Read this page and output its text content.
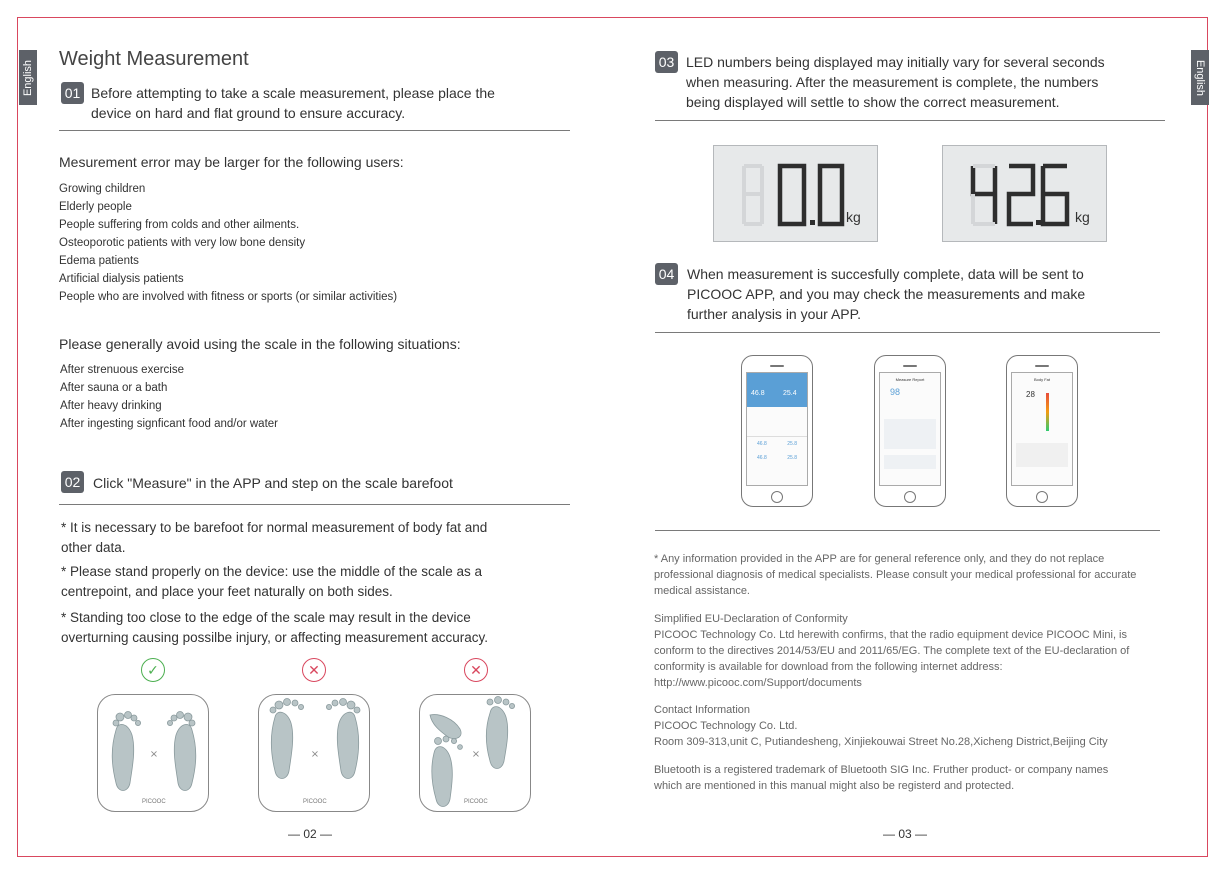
English	English
Weight Measurement
01 Before attempting to take a scale measurement, please place the
device on hard and flat ground to ensure accuracy.
Mesurement error may be larger for the following users:
Growing children
Elderly people
People suffering from colds and other ailments.
Osteoporotic patients with very low bone density
Edema patients
Artificial dialysis patients
People who are involved with fitness or sports (or similar activities)
Please generally avoid using the scale in the following situations:
After strenuous exercise
After sauna or a bath
After heavy drinking
After ingesting signficant food and/or water
02 Click "Measure" in the APP and step on the scale barefoot
* It is necessary to be barefoot for normal measurement of body fat and
other data.
* Please stand properly on the device: use the middle of the scale as a
centrepoint, and place your feet naturally on both sides.
* Standing too close to the edge of the scale may result in the device
overturning causing possilbe injury, or affecting measurement accuracy.
✓	✕	✕
×
PICOOC
×
PICOOC
×
PICOOC
— 02 —
03 LED numbers being displayed may initially vary for several seconds
when measuring. After the measurement is complete, the numbers
being displayed will settle to show the correct measurement.
kg	kg
04 When measurement is succesfully complete, data will be sent to
PICOOC APP, and you may check the measurements and make
further analysis in your APP.
46.8	25.4
46.8	25.8
46.8	25.8
Measure Report
98
Body Fat
28
* Any information provided in the APP are for general reference only, and they do not replace
professional diagnosis of medical specialists. Please consult your medical professional for accurate
medical assistance.
Simplified EU-Declaration of Conformity
PICOOC Technology Co. Ltd herewith confirms, that the radio equipment device PICOOC Mini, is
conform to the directives 2014/53/EU and 2011/65/EG. The complete text of the EU-declaration of
conformity is available for download from the following internet address:
http://www.picooc.com/Support/documents
Contact Information
PICOOC Technology Co. Ltd.
Room 309-313,unit C, Putiandesheng, Xinjiekouwai Street No.28,Xicheng District,Beijing City
Bluetooth is a registered trademark of Bluetooth SIG Inc. Fruther product- or company names
which are mentioned in this manual might also be registerd and protected.
— 03 —
